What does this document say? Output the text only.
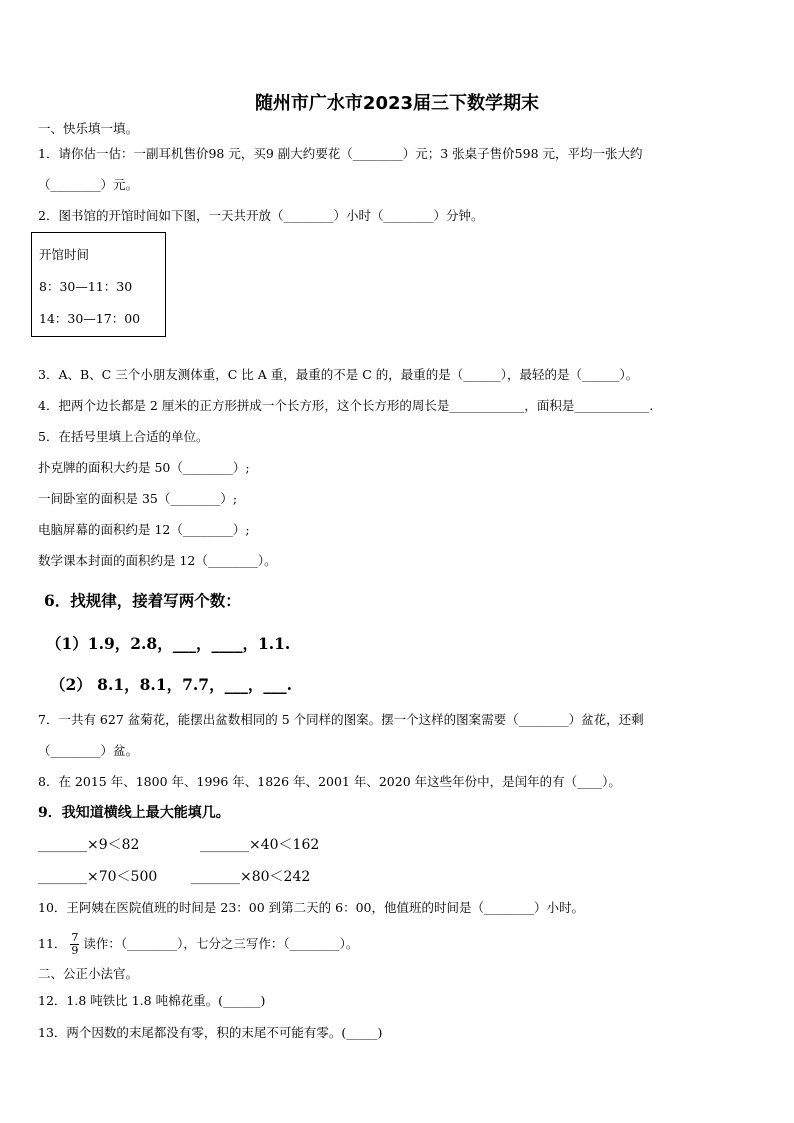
随州市广水市2023届三下数学期末
一、快乐填一填。
1．请你估一估：一副耳机售价98 元，买9 副大约要花（________）元；3 张桌子售价598 元，平均一张大约
（________）元。
2．图书馆的开馆时间如下图，一天共开放（________）小时（________）分钟。
开馆时间
8：30—11：30
14：30—17：00
3．A、B、C 三个小朋友测体重，C 比 A 重，最重的不是 C 的，最重的是（______），最轻的是（______）。
4．把两个边长都是 2 厘米的正方形拼成一个长方形，这个长方形的周长是____________，面积是____________.
5．在括号里填上合适的单位。
扑克牌的面积大约是 50（________）;
一间卧室的面积是 35（________）;
电脑屏幕的面积约是 12（________）;
数学课本封面的面积约是 12（________）。
6．找规律，接着写两个数：
（1）1.9，2.8，___，____，1.1.
（2） 8.1，8.1，7.7，___，___.
7．一共有 627 盆菊花，能摆出盆数相同的 5 个同样的图案。摆一个这样的图案需要（________）盆花，还剩
（________）盆。
8．在 2015 年、1800 年、1996 年、1826 年、2001 年、2020 年这些年份中，是闰年的有（____）。
9．我知道横线上最大能填几。
_______×9＜82	_______×40＜162
_______×70＜500 _______×80＜242
10．王阿姨在医院值班的时间是 23：00 到第二天的 6：00，他值班的时间是（________）小时。
11． $\frac{7}{9}$ 读作：（________），七分之三写作：（________）。
二、公正小法官。
12．1.8 吨铁比 1.8 吨棉花重。(______)
13．两个因数的末尾都没有零，积的末尾不可能有零。(_____)
